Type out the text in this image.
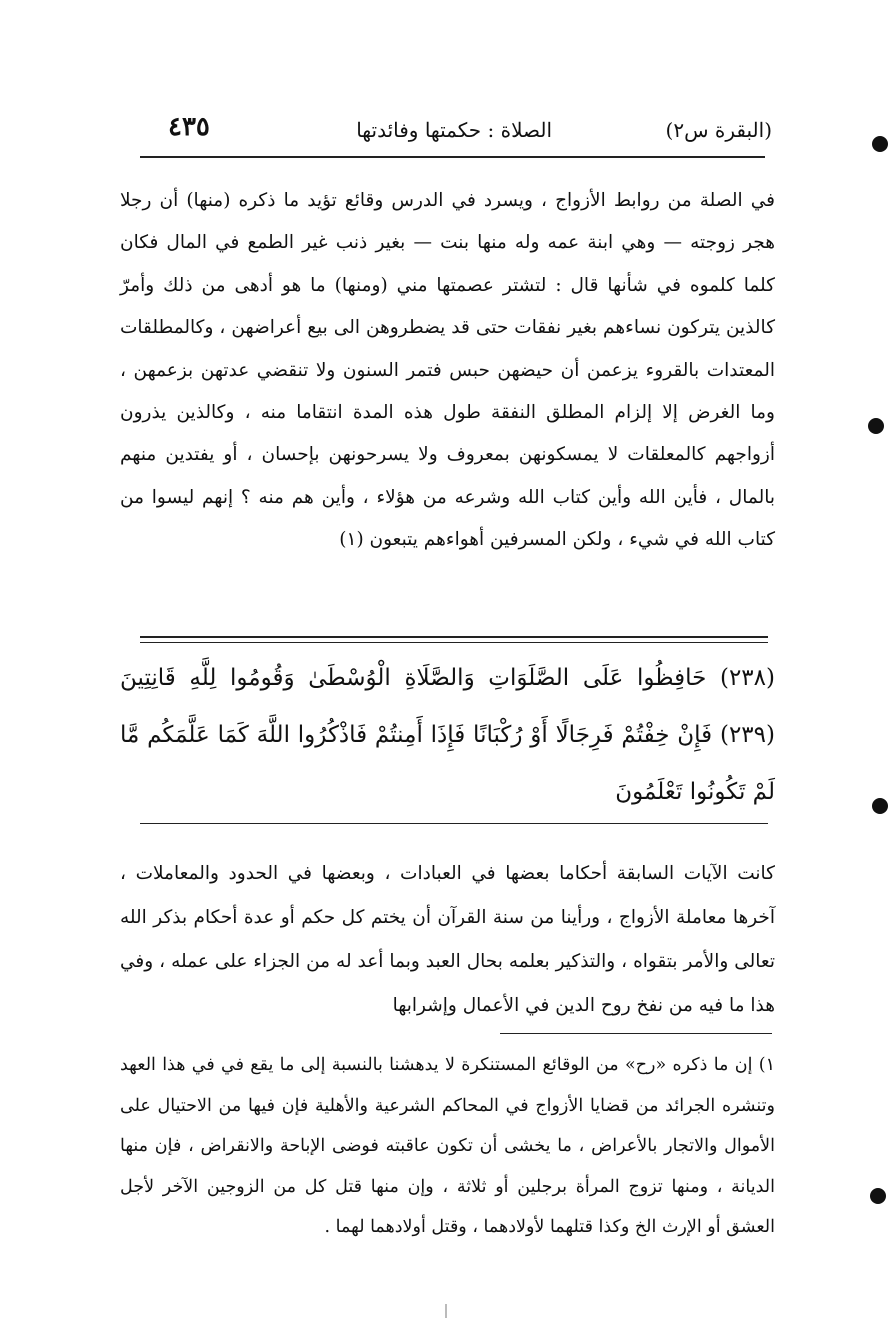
(البقرة س٢)
الصلاة : حكمتها وفائدتها
٤٣٥
في الصلة من روابط الأزواج ، ويسرد في الدرس وقائع تؤيد ما ذكره (منها) أن رجلا هجر زوجته — وهي ابنة عمه وله منها بنت — بغير ذنب غير الطمع في المال فكان كلما كلموه في شأنها قال : لتشتر عصمتها مني (ومنها) ما هو أدهى من ذلك وأمرّ كالذين يتركون نساءهم بغير نفقات حتى قد يضطروهن الى بيع أعراضهن ، وكالمطلقات المعتدات بالقروء يزعمن أن حيضهن حبس فتمر السنون ولا تنقضي عدتهن بزعمهن ، وما الغرض إلا إلزام المطلق النفقة طول هذه المدة انتقاما منه ، وكالذين يذرون أزواجهم كالمعلقات لا يمسكونهن بمعروف ولا يسرحونهن بإحسان ، أو يفتدين منهم بالمال ، فأين الله وأين كتاب الله وشرعه من هؤلاء ، وأين هم منه ؟ إنهم ليسوا من كتاب الله في شيء ، ولكن المسرفين أهواءهم يتبعون (١)
(٢٣٨) حَافِظُوا عَلَى الصَّلَوَاتِ وَالصَّلَاةِ الْوُسْطَىٰ وَقُومُوا لِلَّهِ قَانِتِينَ (٢٣٩) فَإِنْ خِفْتُمْ فَرِجَالًا أَوْ رُكْبَانًا فَإِذَا أَمِنتُمْ فَاذْكُرُوا اللَّهَ كَمَا عَلَّمَكُم مَّا لَمْ تَكُونُوا تَعْلَمُونَ
كانت الآيات السابقة أحكاما بعضها في العبادات ، وبعضها في الحدود والمعاملات ، آخرها معاملة الأزواج ، ورأينا من سنة القرآن أن يختم كل حكم أو عدة أحكام بذكر الله تعالى والأمر بتقواه ، والتذكير بعلمه بحال العبد وبما أعد له من الجزاء على عمله ، وفي هذا ما فيه من نفخ روح الدين في الأعمال وإشرابها
١) إن ما ذكره «رح» من الوقائع المستنكرة لا يدهشنا بالنسبة إلى ما يقع في في هذا العهد وتنشره الجرائد من قضايا الأزواج في المحاكم الشرعية والأهلية فإن فيها من الاحتيال على الأموال والاتجار بالأعراض ، ما يخشى أن تكون عاقبته فوضى الإباحة والانقراض ، فإن منها الديانة ، ومنها تزوج المرأة برجلين أو ثلاثة ، وإن منها قتل كل من الزوجين الآخر لأجل العشق أو الإرث الخ وكذا قتلهما لأولادهما ، وقتل أولادهما لهما .
